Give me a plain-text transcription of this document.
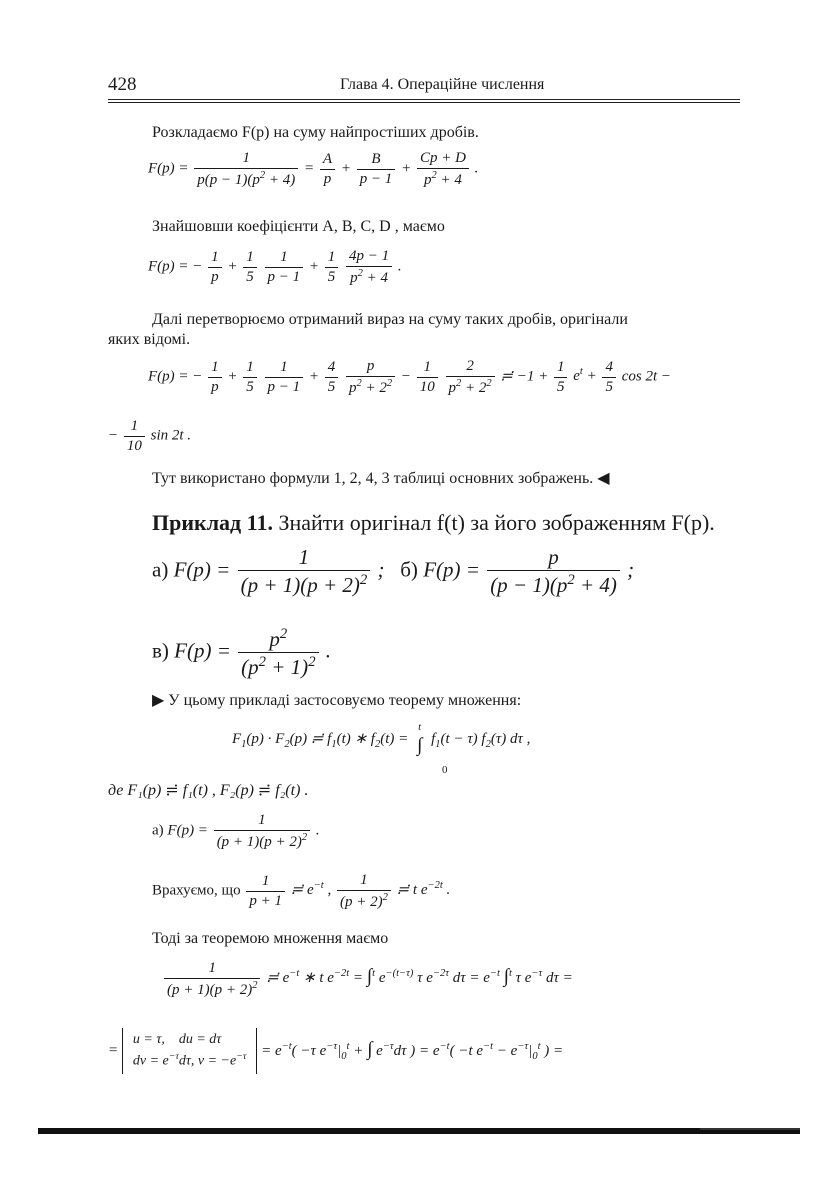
428	Глава 4. Операційне числення
Розкладаємо F(p) на суму найпростіших дробів.
$F(p) = \frac{1}{p(p - 1)(p^2 + 4)} = \frac{A}{p} + \frac{B}{p - 1} + \frac{Cp + D}{p^2 + 4}$ .
Знайшовши коефіцієнти A, B, C, D , маємо
F(p) = − $\frac{1}{p} + \frac{1}{5}$
$\frac{1}{p - 1} + \frac{1}{5}$
$\frac{4p - 1}{p^2 + 4}$ .
Далі перетворюємо отриманий вираз на суму таких дробів, оригінали
яких відомі.
F(p) = − $\frac{1}{p} + \frac{1}{5}$
$\frac{1}{p - 1} + \frac{4}{5}$
$\frac{p}{p^2 + 2^2} - \frac{1}{10}$
$\frac{2}{p^2 + 2^2}$ ≓ $-1 + \frac{1}{5} e^t + \frac{4}{5}$ cos 2t −
− $\frac{1}{10}$ sin 2t .
Тут використано формули 1, 2, 4, 3 таблиці основних зображень. ◀
Приклад 11. Знайти оригінал f(t) за його зображенням F(p).
а) $F(p) = \frac{1}{(p + 1)(p + 2)^2}$ ;   б) $F(p) = \frac{p}{(p - 1)(p^2 + 4)}$ ;
в) $F(p) = \frac{p^2}{(p^2 + 1)^2}$ .
▶ У цьому прикладі застосовуємо теорему множення:
$F_1(p) \cdot F_2(p)$ ≓ $f_1(t)$ ∗ $f_2(t)$ =
t
∫ $f_1(t - \tau)$ $f_2(\tau)$ dτ ,
0
де F₁(p) ≓ f₁(t) , F₂(p) ≓ f₂(t) .
а) $F(p) = \frac{1}{(p + 1)(p + 2)^2}$ .
Врахуємо, що $\frac{1}{p + 1}$ ≓ $e^{-t}$ , $\frac{1}{(p + 2)^2}$ ≓ t $e^{-2t}$ .
Тоді за теоремою множення маємо
$\frac{1}{(p + 1)(p + 2)^2}$ ≓ $e^{-t}$ ∗ t $e^{-2t} = \int^t$ $e^{-(t-\tau)}$ τ $e^{-2\tau}$ $d\tau = e^{-t}$ ∫$^t$ τ $e^{-\tau}$ dτ =
= u = τ,    du = dτ
dv = $e^{-\tau}d\tau$, $v = -e^{-\tau} = e^{-t}( -\tau$ $e^{-\tau}|_0^t$ + ∫ $e^{-\tau}d\tau$ ) = $e^{-t}( -t$ $e^{-t} - e^{-\tau}|_0^t$ ) =
